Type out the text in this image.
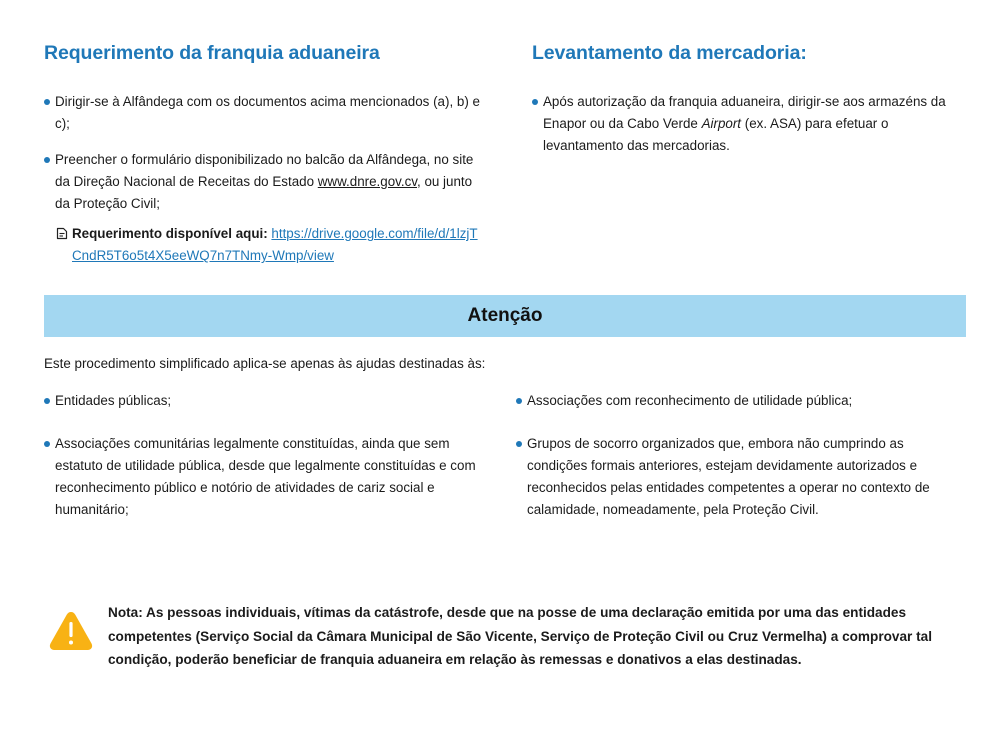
Requerimento da franquia aduaneira
Dirigir-se à Alfândega com os documentos acima mencionados (a), b) e c);
Preencher o formulário disponibilizado no balcão da Alfândega, no site da Direção Nacional de Receitas do Estado www.dnre.gov.cv, ou junto da Proteção Civil;
Requerimento disponível aqui: https://drive.google.com/file/d/1lzjTCndR5T6o5t4X5eeWQ7n7TNmy-Wmp/view
Levantamento da mercadoria:
Após autorização da franquia aduaneira, dirigir-se aos armazéns da Enapor ou da Cabo Verde Airport (ex. ASA) para efetuar o levantamento das mercadorias.
Atenção

Este procedimento simplificado aplica-se apenas às ajudas destinadas às:

Entidades públicas;
Associações comunitárias legalmente constituídas, ainda que sem estatuto de utilidade pública, desde que legalmente constituídas e com reconhecimento público e notório de atividades de cariz social e humanitário;
Associações com reconhecimento de utilidade pública;
Grupos de socorro organizados que, embora não cumprindo as condições formais anteriores, estejam devidamente autorizados e reconhecidos pelas entidades competentes a operar no contexto de calamidade, nomeadamente, pela Proteção Civil.

Nota: As pessoas individuais, vítimas da catástrofe, desde que na posse de uma declaração emitida por uma das entidades competentes (Serviço Social da Câmara Municipal de São Vicente, Serviço de Proteção Civil ou Cruz Vermelha) a comprovar tal condição, poderão beneficiar de franquia aduaneira em relação às remessas e donativos a elas destinadas.
